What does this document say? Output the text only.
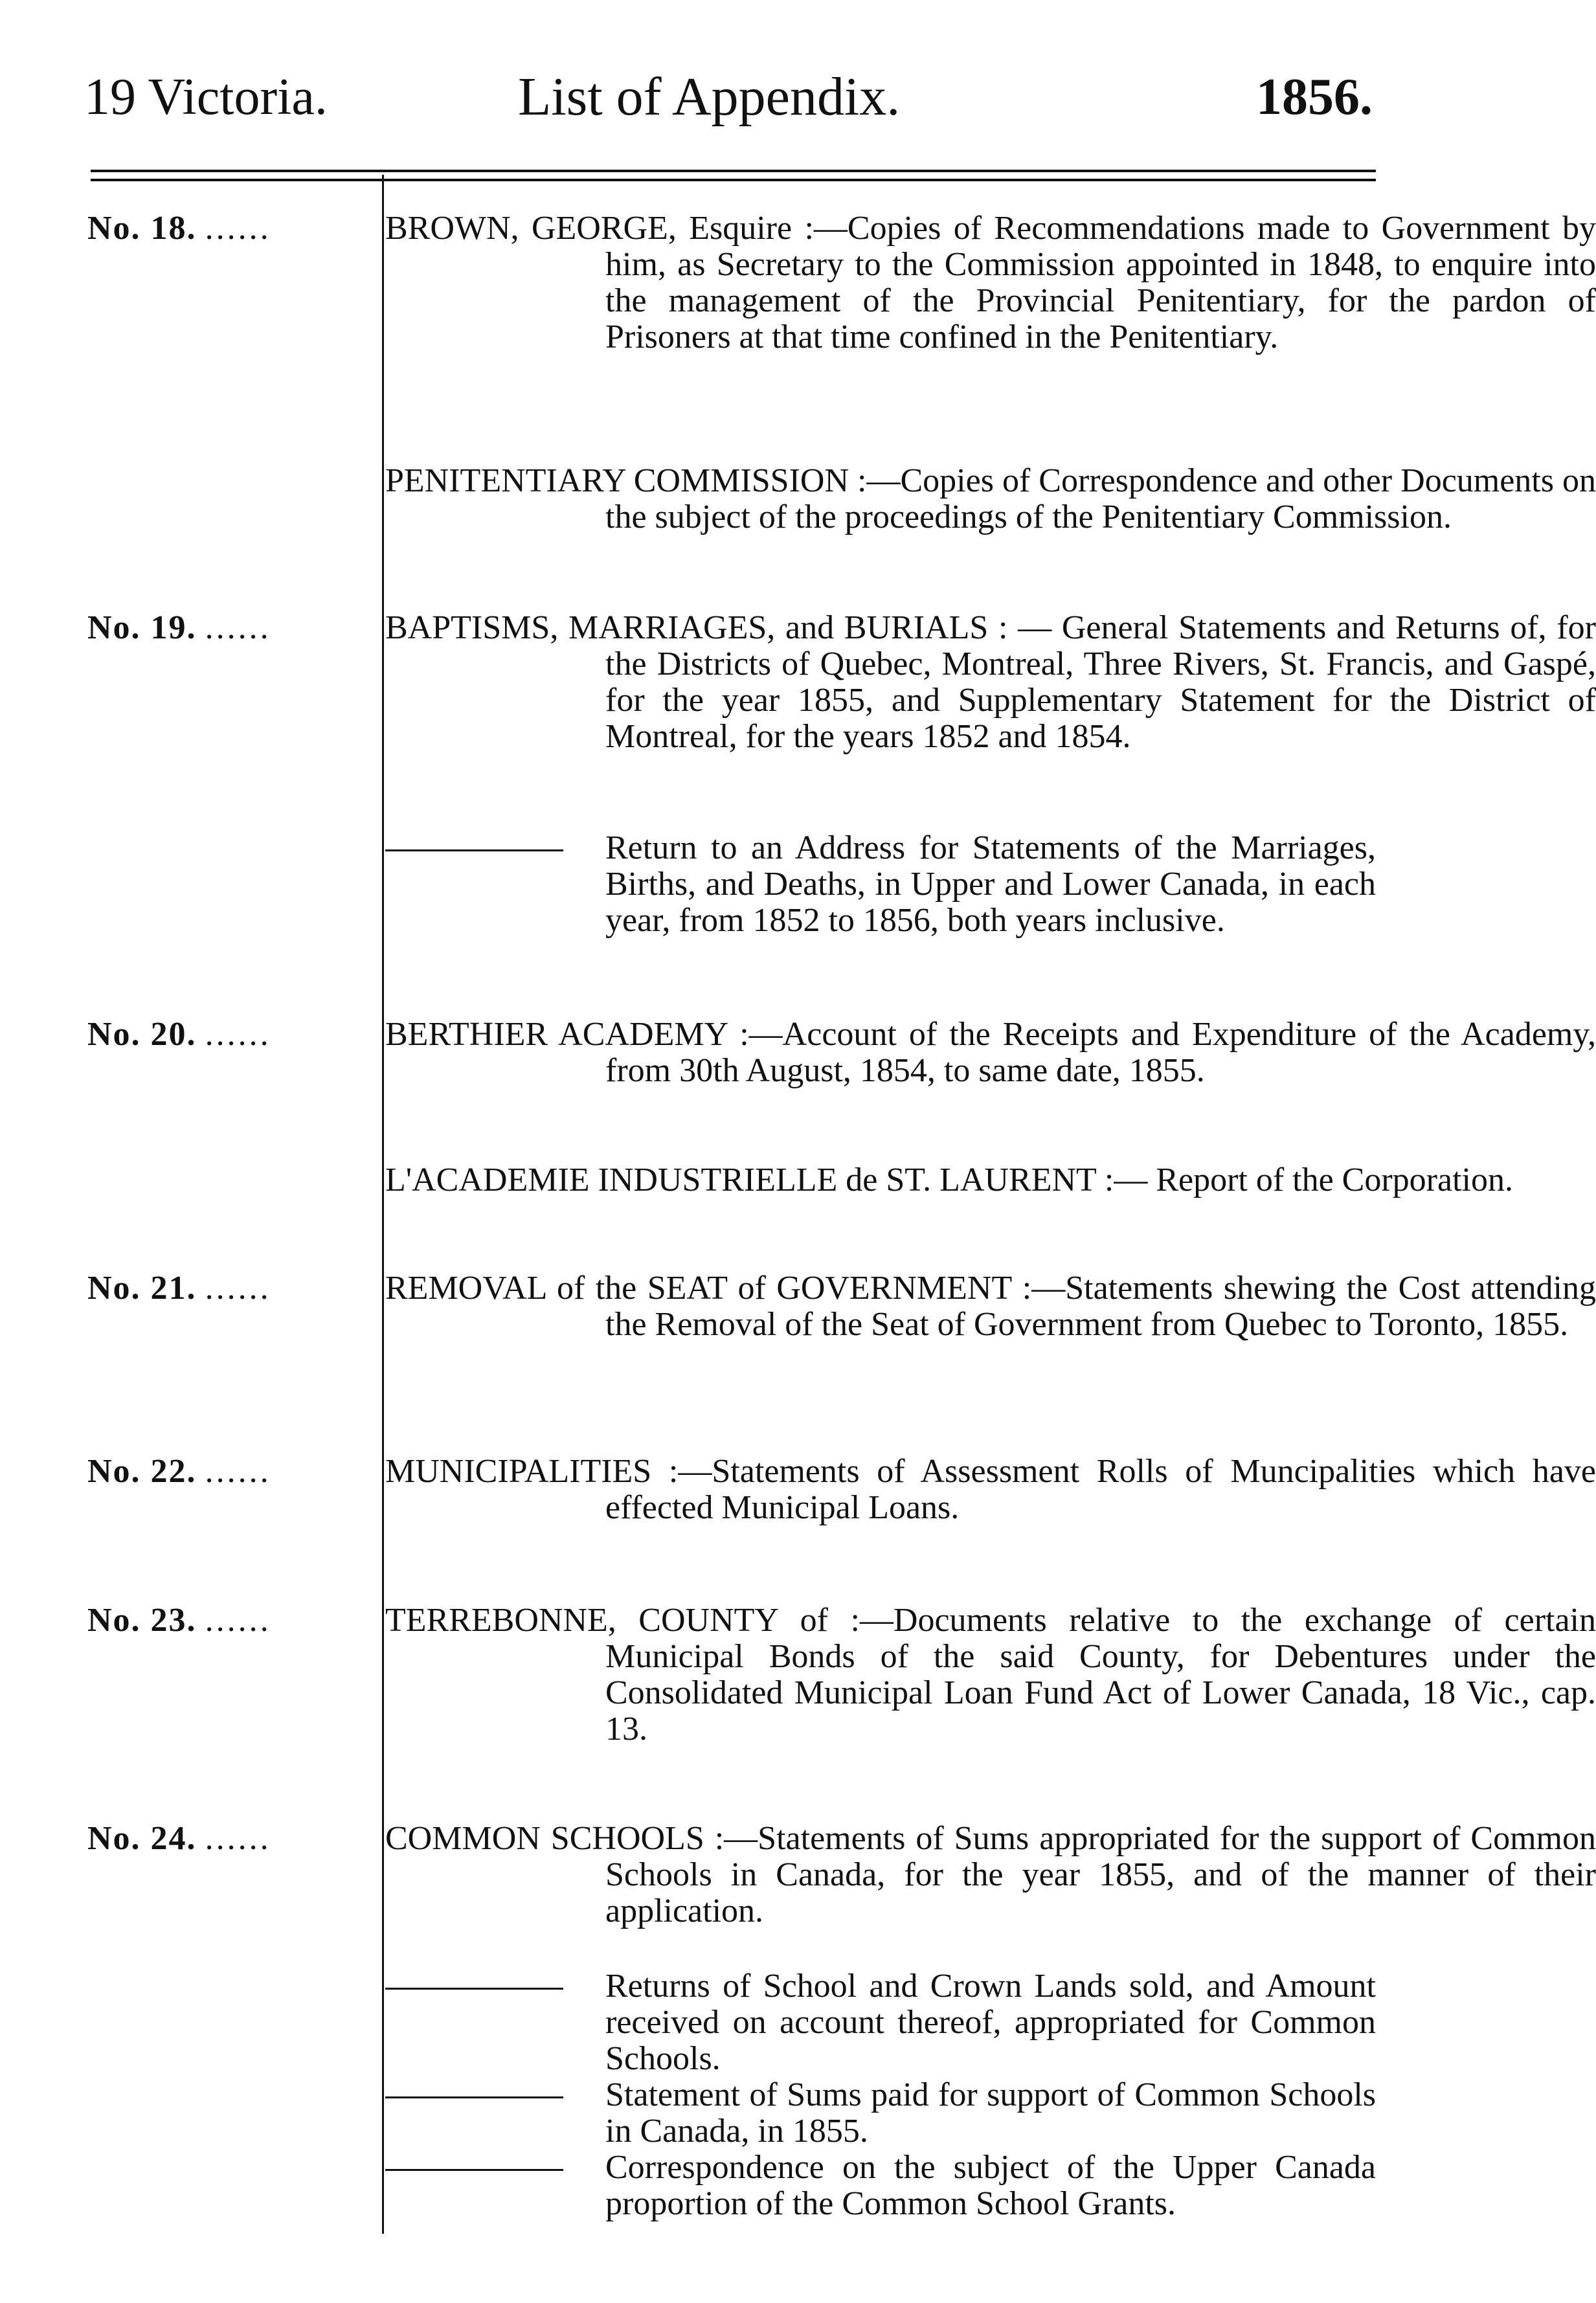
19 Victoria.	List of Appendix.	1856.
No. 18. ......	BROWN, GEORGE, Esquire :—Copies of Recommendations made to Government by him, as Secretary to the Commission appointed in 1848, to enquire into the management of the Provincial Penitentiary, for the pardon of Prisoners at that time confined in the Penitentiary.
PENITENTIARY COMMISSION :—Copies of Correspondence and other Documents on the subject of the proceedings of the Penitentiary Commission.
No. 19. ......	BAPTISMS, MARRIAGES, and BURIALS : — General Statements and Returns of, for the Districts of Quebec, Montreal, Three Rivers, St. Francis, and Gaspé, for the year 1855, and Supplementary Statement for the District of Montreal, for the years 1852 and 1854.
Return to an Address for Statements of the Marriages, Births, and Deaths, in Upper and Lower Canada, in each year, from 1852 to 1856, both years inclusive.
No. 20. ......	BERTHIER ACADEMY :—Account of the Receipts and Expenditure of the Academy, from 30th August, 1854, to same date, 1855.
L'ACADEMIE INDUSTRIELLE de ST. LAURENT :— Report of the Corporation.
No. 21. ......	REMOVAL of the SEAT of GOVERNMENT :—Statements shewing the Cost attending the Removal of the Seat of Government from Quebec to Toronto, 1855.
No. 22. ......	MUNICIPALITIES :—Statements of Assessment Rolls of Muncipalities which have effected Municipal Loans.
No. 23. ......	TERREBONNE, COUNTY of :—Documents relative to the exchange of certain Municipal Bonds of the said County, for Debentures under the Consolidated Municipal Loan Fund Act of Lower Canada, 18 Vic., cap. 13.
No. 24. ......	COMMON SCHOOLS :—Statements of Sums appropriated for the support of Common Schools in Canada, for the year 1855, and of the manner of their application.
Returns of School and Crown Lands sold, and Amount received on account thereof, appropriated for Common Schools.
Statement of Sums paid for support of Common Schools in Canada, in 1855.
Correspondence on the subject of the Upper Canada proportion of the Common School Grants.
